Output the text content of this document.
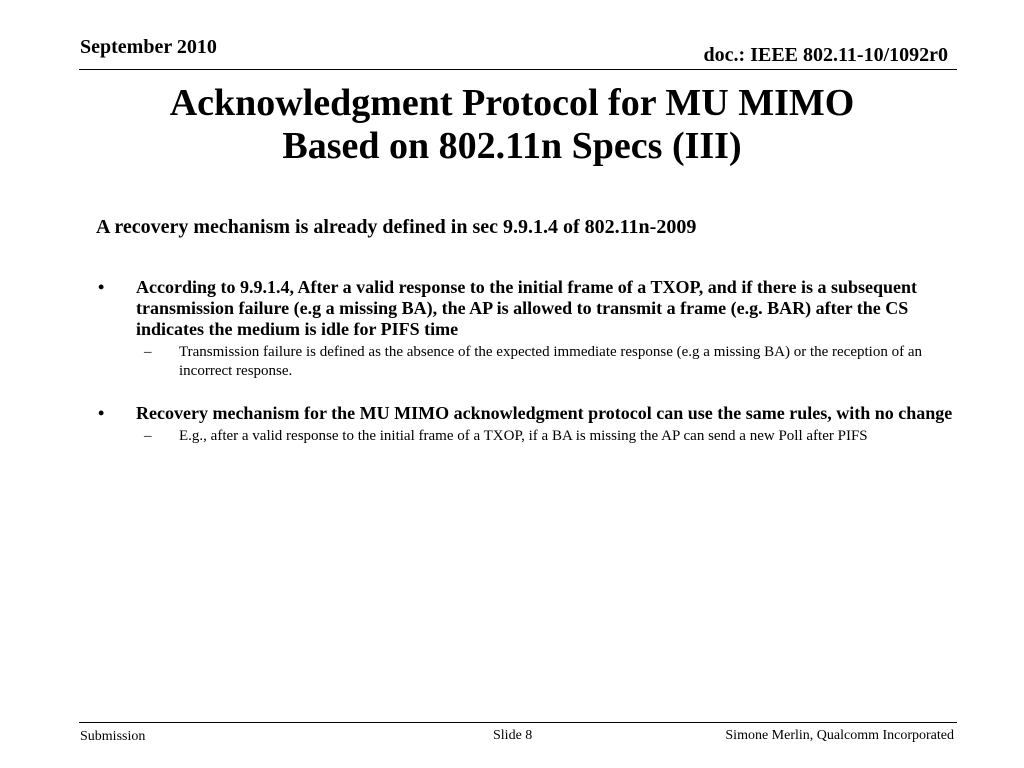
September 2010	doc.: IEEE 802.11-10/1092r0
Acknowledgment Protocol for MU MIMO
Based on 802.11n Specs (III)
A recovery mechanism is already defined in sec 9.9.1.4 of 802.11n-2009
• According to 9.9.1.4, After a valid response to the initial frame of a TXOP, and if there is a subsequent transmission failure (e.g a missing BA), the AP is allowed to transmit a frame (e.g. BAR) after the CS indicates the medium is idle for PIFS time
– Transmission failure is defined as the absence of the expected immediate response (e.g a missing BA) or the reception of an incorrect response.
• Recovery mechanism for the MU MIMO acknowledgment protocol can use the same rules, with no change
– E.g., after a valid response to the initial frame of a TXOP, if a BA is missing the AP can send a new Poll after PIFS
Submission	Slide 8	Simone Merlin, Qualcomm Incorporated
